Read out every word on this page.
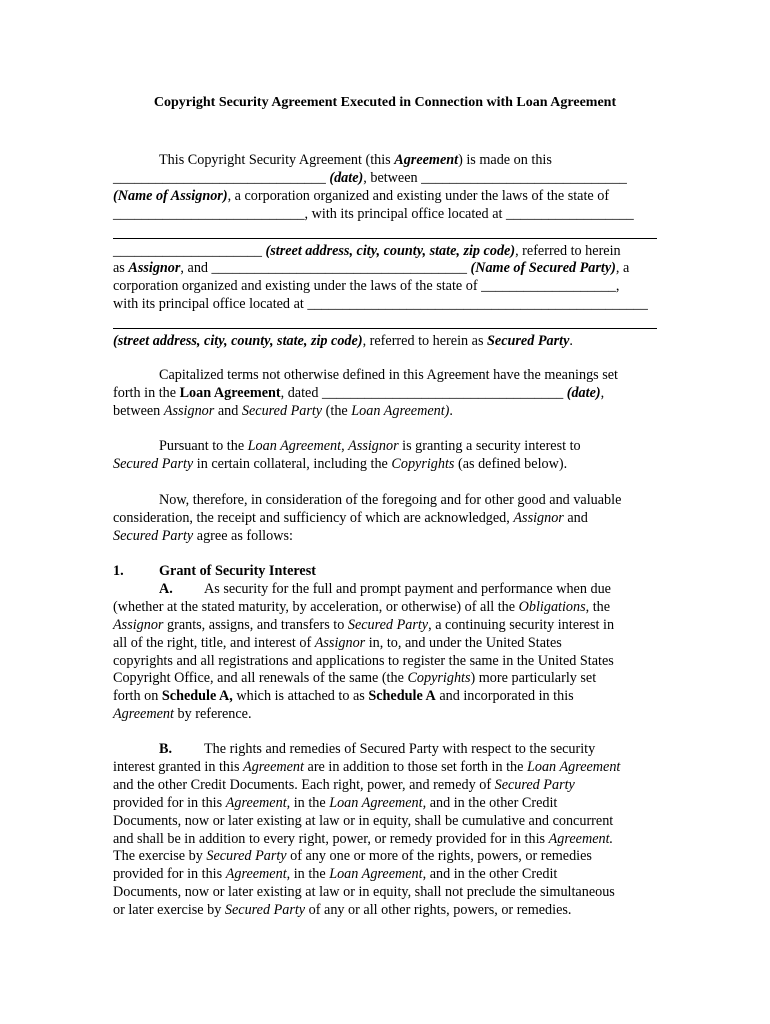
Copyright Security Agreement Executed in Connection with Loan Agreement
This Copyright Security Agreement (this Agreement) is made on this
______________________________ (date), between _____________________________
(Name of Assignor), a corporation organized and existing under the laws of the state of
___________________________, with its principal office located at __________________
_____________________ (street address, city, county, state, zip code), referred to herein
as Assignor, and ____________________________________ (Name of Secured Party), a
corporation organized and existing under the laws of the state of ___________________,
with its principal office located at ________________________________________________
(street address, city, county, state, zip code), referred to herein as Secured Party.
Capitalized terms not otherwise defined in this Agreement have the meanings set
forth in the Loan Agreement, dated __________________________________ (date),
between Assignor and Secured Party (the Loan Agreement).
Pursuant to the Loan Agreement, Assignor is granting a security interest to
Secured Party in certain collateral, including the Copyrights (as defined below).
Now, therefore, in consideration of the foregoing and for other good and valuable
consideration, the receipt and sufficiency of which are acknowledged, Assignor and
Secured Party agree as follows:
1. Grant of Security Interest
A. As security for the full and prompt payment and performance when due
(whether at the stated maturity, by acceleration, or otherwise) of all the Obligations, the
Assignor grants, assigns, and transfers to Secured Party, a continuing security interest in
all of the right, title, and interest of Assignor in, to, and under the United States
copyrights and all registrations and applications to register the same in the United States
Copyright Office, and all renewals of the same (the Copyrights) more particularly set
forth on Schedule A, which is attached to as Schedule A and incorporated in this
Agreement by reference.
B. The rights and remedies of Secured Party with respect to the security
interest granted in this Agreement are in addition to those set forth in the Loan Agreement
and the other Credit Documents. Each right, power, and remedy of Secured Party
provided for in this Agreement, in the Loan Agreement, and in the other Credit
Documents, now or later existing at law or in equity, shall be cumulative and concurrent
and shall be in addition to every right, power, or remedy provided for in this Agreement.
The exercise by Secured Party of any one or more of the rights, powers, or remedies
provided for in this Agreement, in the Loan Agreement, and in the other Credit
Documents, now or later existing at law or in equity, shall not preclude the simultaneous
or later exercise by Secured Party of any or all other rights, powers, or remedies.
